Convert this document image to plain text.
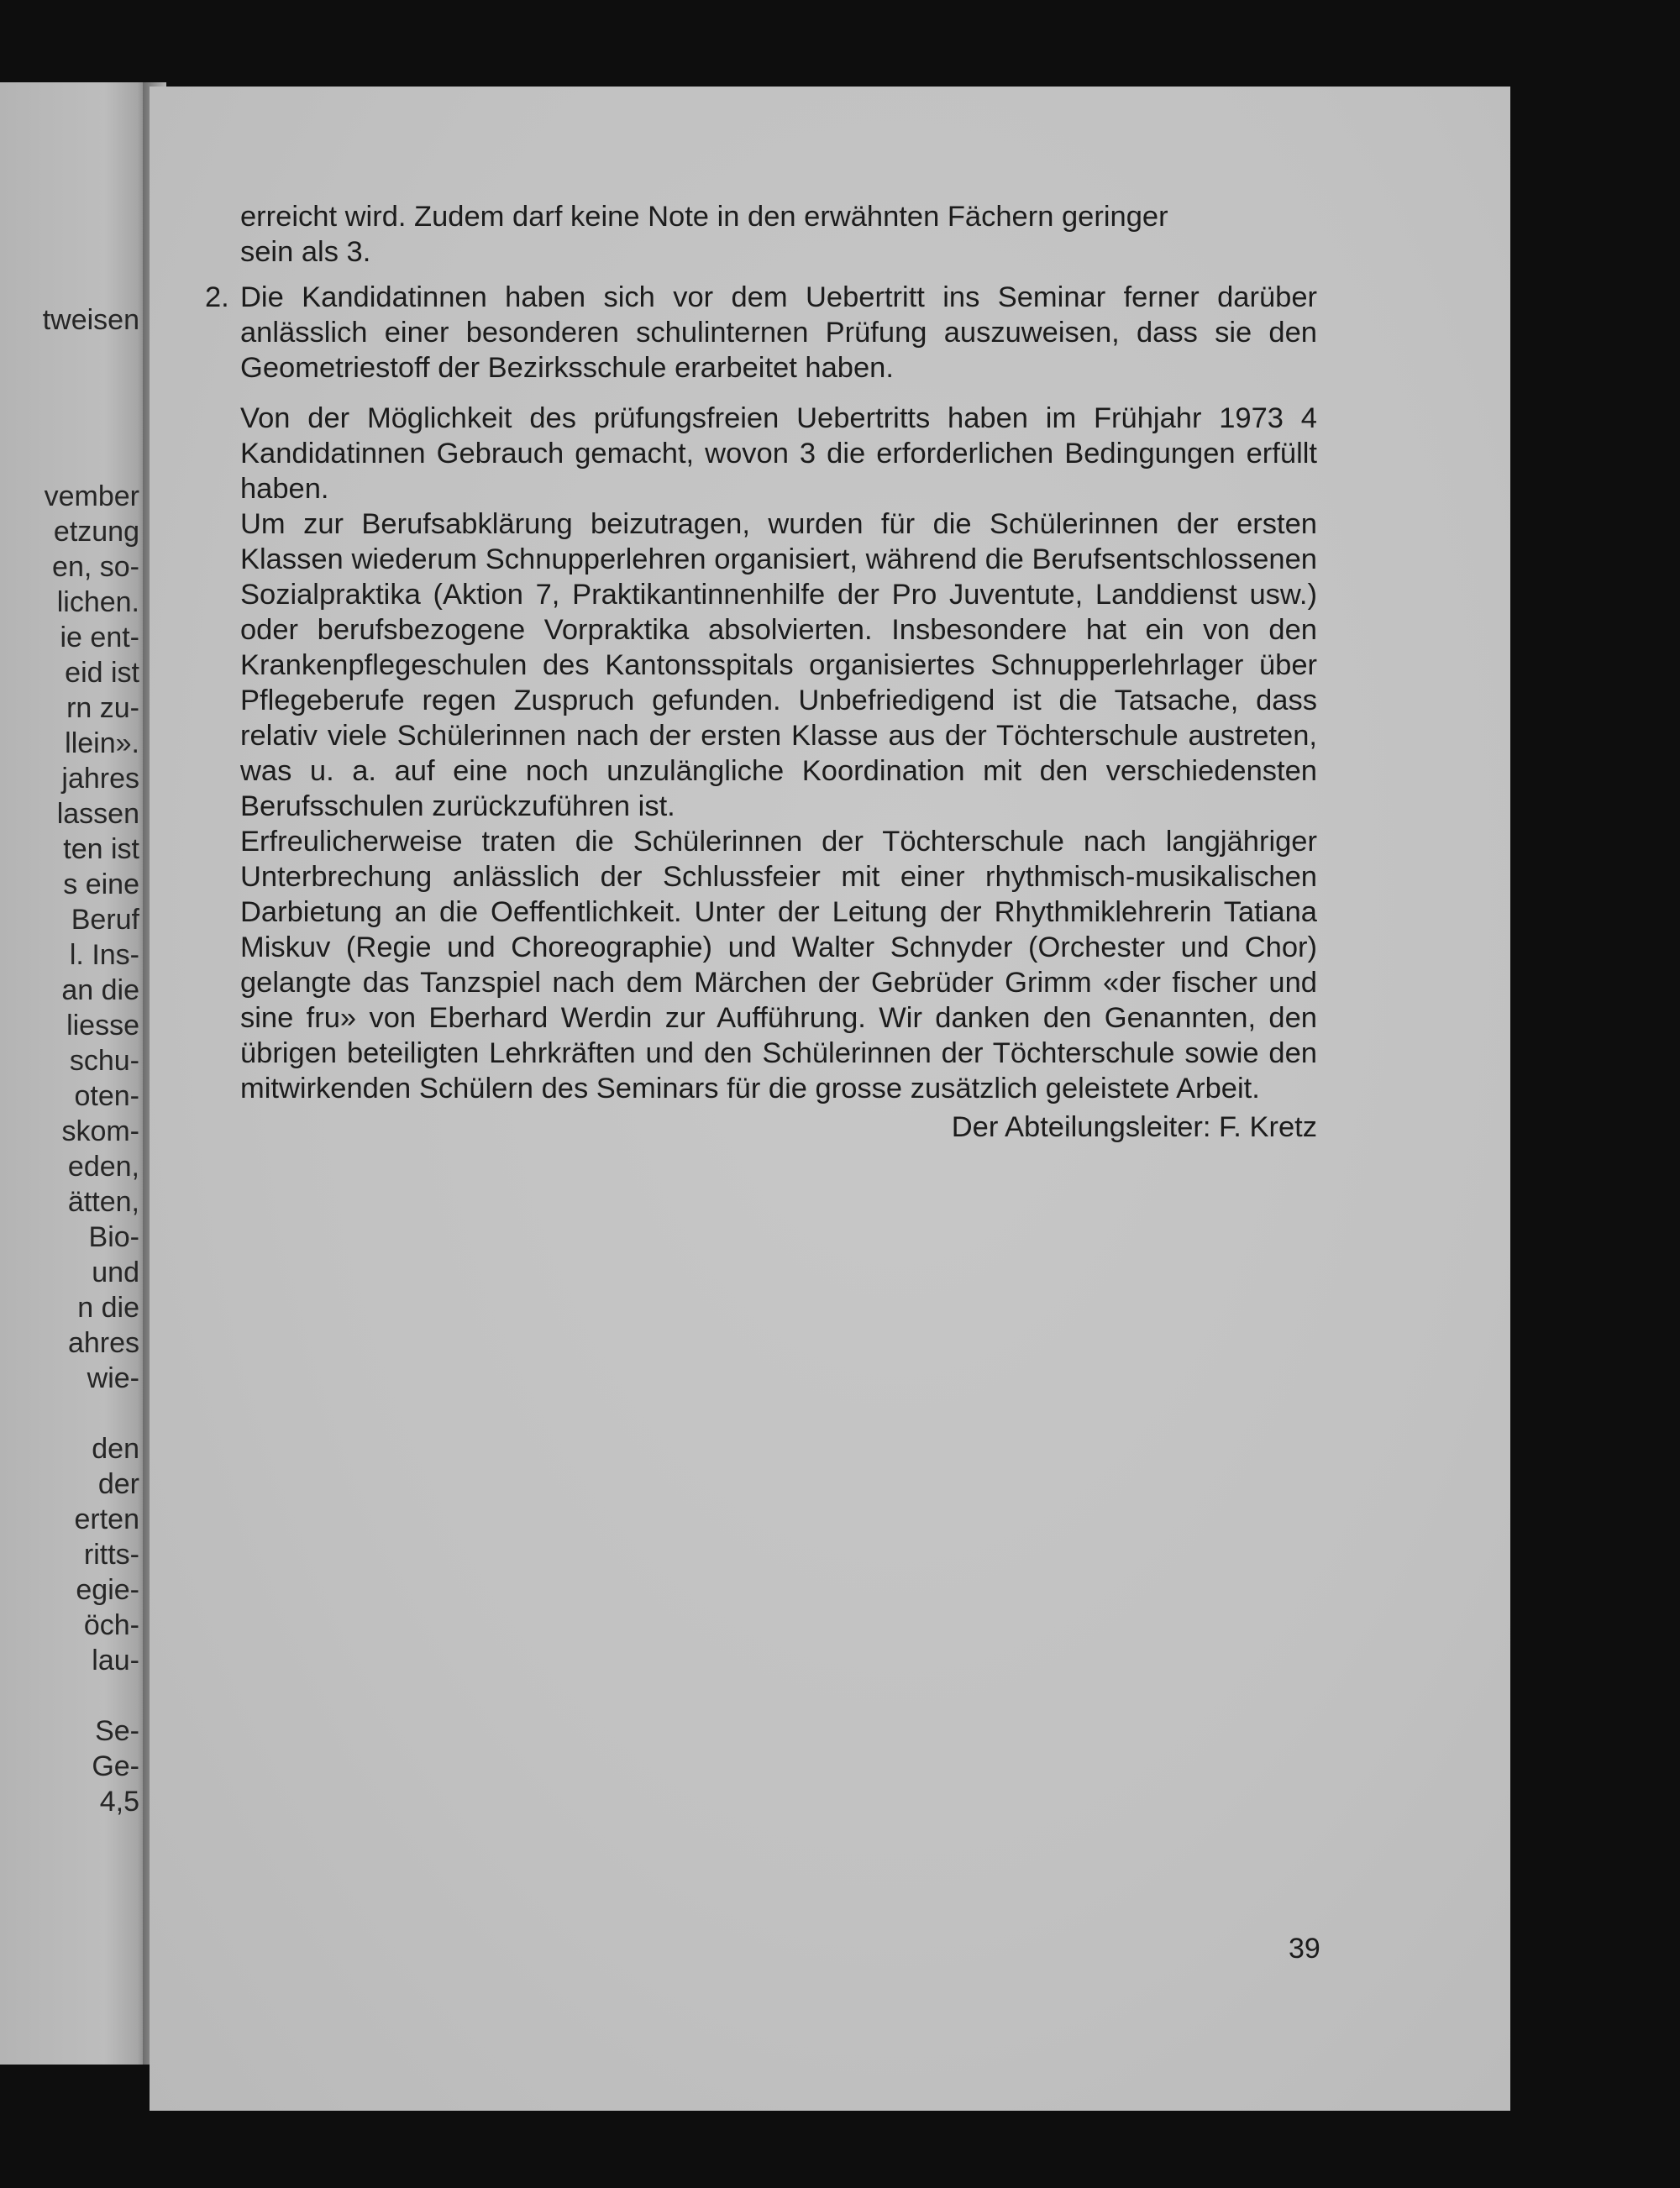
tweisen
vember
etzung
en, so-
lichen.
ie ent-
eid ist
rn zu-
llein».
jahres
lassen
ten ist
s eine
Beruf
l. Ins-
an die
liesse
schu-
oten-
skom-
eden,
ätten,
Bio-
und
n die
ahres
wie-
den
der
erten
ritts-
egie-
öch-
lau-
Se-
Ge-
4,5

erreicht wird. Zudem darf keine Note in den erwähnten Fächern geringer
sein als 3.

2. Die Kandidatinnen haben sich vor dem Uebertritt ins Seminar ferner darüber anlässlich einer besonderen schulinternen Prüfung auszuweisen, dass sie den Geometriestoff der Bezirksschule erarbeitet haben.

Von der Möglichkeit des prüfungsfreien Uebertritts haben im Frühjahr 1973 4 Kandidatinnen Gebrauch gemacht, wovon 3 die erforderlichen Bedingungen erfüllt haben.

Um zur Berufsabklärung beizutragen, wurden für die Schülerinnen der ersten Klassen wiederum Schnupperlehren organisiert, während die Berufsentschlossenen Sozialpraktika (Aktion 7, Praktikantinnenhilfe der Pro Juventute, Landdienst usw.) oder berufsbezogene Vorpraktika absolvierten. Insbesondere hat ein von den Krankenpflegeschulen des Kantonsspitals organisiertes Schnupperlehrlager über Pflegeberufe regen Zuspruch gefunden. Unbefriedigend ist die Tatsache, dass relativ viele Schülerinnen nach der ersten Klasse aus der Töchterschule austreten, was u. a. auf eine noch unzulängliche Koordination mit den verschiedensten Berufsschulen zurückzuführen ist.

Erfreulicherweise traten die Schülerinnen der Töchterschule nach langjähriger Unterbrechung anlässlich der Schlussfeier mit einer rhythmisch-musikalischen Darbietung an die Oeffentlichkeit. Unter der Leitung der Rhythmiklehrerin Tatiana Miskuv (Regie und Choreographie) und Walter Schnyder (Orchester und Chor) gelangte das Tanzspiel nach dem Märchen der Gebrüder Grimm «der fischer und sine fru» von Eberhard Werdin zur Aufführung. Wir danken den Genannten, den übrigen beteiligten Lehrkräften und den Schülerinnen der Töchterschule sowie den mitwirkenden Schülern des Seminars für die grosse zusätzlich geleistete Arbeit.

Der Abteilungsleiter: F. Kretz

39
